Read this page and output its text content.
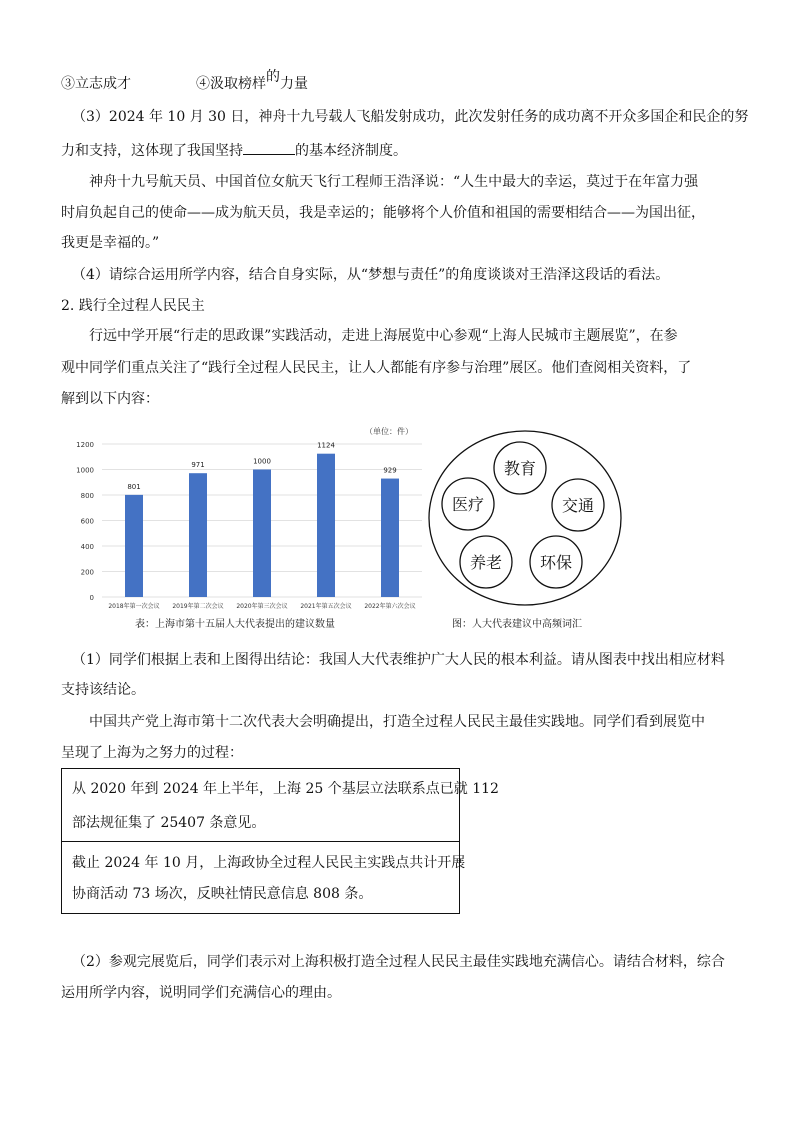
③立志成才	④汲取榜样的力量
（3）2024 年 10 月 30 日，神舟十九号载人飞船发射成功，此次发射任务的成功离不开众多国企和民企的努
力和支持，这体现了我国坚持	的基本经济制度。
神舟十九号航天员、中国首位女航天飞行工程师王浩泽说：“人生中最大的幸运，莫过于在年富力强
时肩负起自己的使命——成为航天员，我是幸运的；能够将个人价值和祖国的需要相结合——为国出征，
我更是幸福的。”
（4）请综合运用所学内容，结合自身实际，从“梦想与责任”的角度谈谈对王浩泽这段话的看法。
2. 践行全过程人民民主
行远中学开展“行走的思政课”实践活动，走进上海展览中心参观“上海人民城市主题展览”，在参
观中同学们重点关注了“践行全过程人民民主，让人人都能有序参与治理”展区。他们查阅相关资料，了
解到以下内容：
（单位：件）
0
200
400
600
800
1000
1200
801
2018年第一次会议
971
2019年第二次会议
1000
2020年第三次会议
1124
2021年第五次会议
929
2022年第六次会议
表：上海市第十五届人大代表提出的建议数量
教育
医疗	交通
养老 环保
图：人大代表建议中高频词汇
（1）同学们根据上表和上图得出结论：我国人大代表维护广大人民的根本利益。请从图表中找出相应材料
支持该结论。
中国共产党上海市第十二次代表大会明确提出，打造全过程人民民主最佳实践地。同学们看到展览中
呈现了上海为之努力的过程：
从 2020 年到 2024 年上半年，上海 25 个基层立法联系点已就 112
部法规征集了 25407 条意见。
截止 2024 年 10 月，上海政协全过程人民民主实践点共计开展
协商活动 73 场次，反映社情民意信息 808 条。
（2）参观完展览后，同学们表示对上海积极打造全过程人民民主最佳实践地充满信心。请结合材料，综合
运用所学内容，说明同学们充满信心的理由。
